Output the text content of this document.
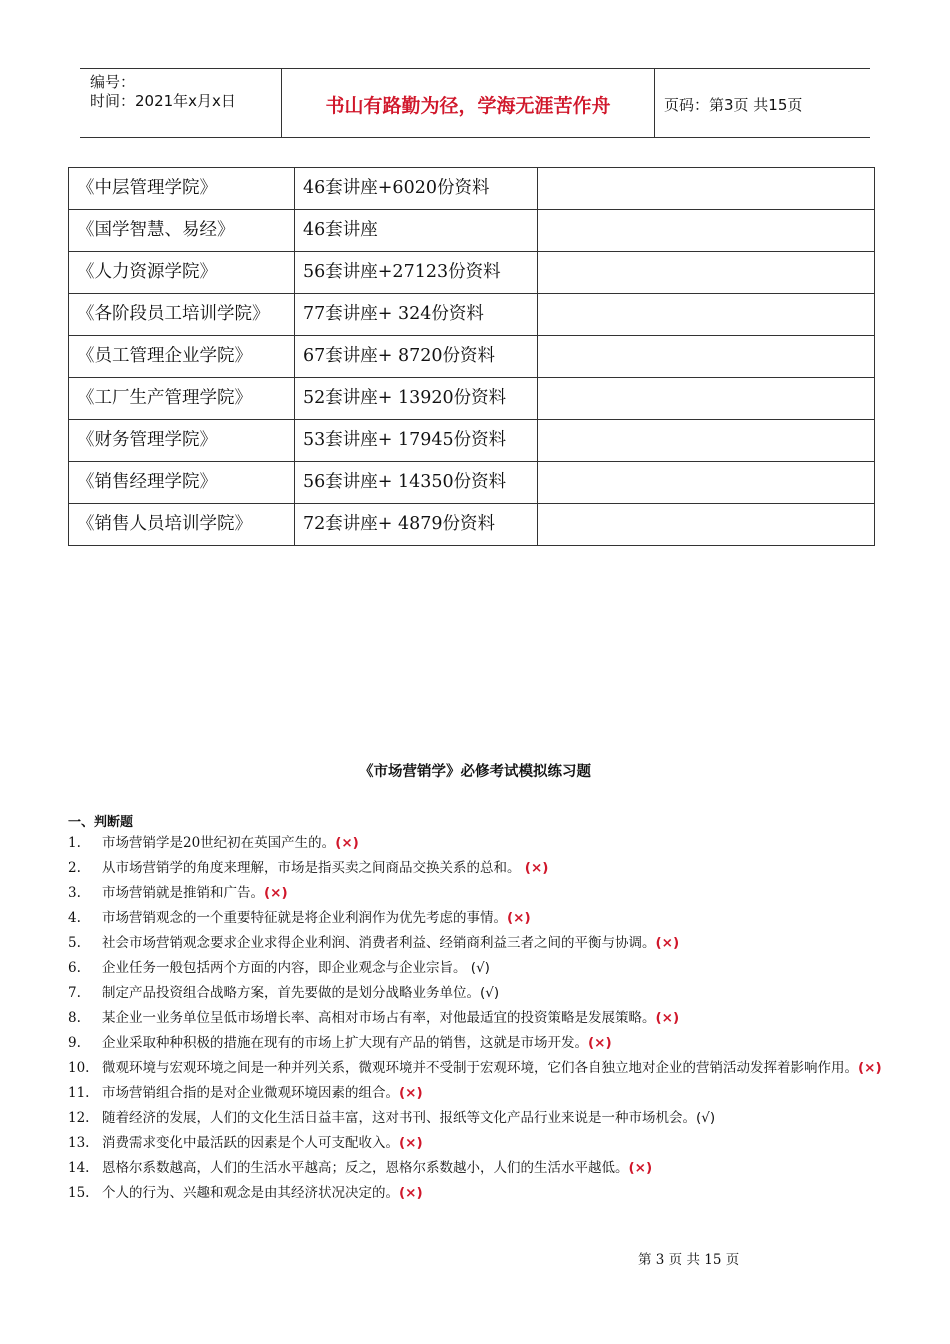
编号：
时间：2021年x月x日	书山有路勤为径，学海无涯苦作舟	页码：第3页 共15页
《中层管理学院》	46套讲座+6020份资料	
《国学智慧、易经》	46套讲座	
《人力资源学院》	56套讲座+27123份资料	
《各阶段员工培训学院》	77套讲座+ 324份资料	
《员工管理企业学院》	67套讲座+ 8720份资料	
《工厂生产管理学院》	52套讲座+ 13920份资料	
《财务管理学院》	53套讲座+ 17945份资料	
《销售经理学院》	56套讲座+ 14350份资料	
《销售人员培训学院》	72套讲座+ 4879份资料	
《市场营销学》必修考试模拟练习题
一、判断题
1. 市场营销学是20世纪初在英国产生的。(×)
2. 从市场营销学的角度来理解，市场是指买卖之间商品交换关系的总和。 (×)
3. 市场营销就是推销和广告。(×)
4. 市场营销观念的一个重要特征就是将企业利润作为优先考虑的事情。(×)
5. 社会市场营销观念要求企业求得企业利润、消费者利益、经销商利益三者之间的平衡与协调。(×)
6. 企业任务一般包括两个方面的内容，即企业观念与企业宗旨。 (√)
7. 制定产品投资组合战略方案，首先要做的是划分战略业务单位。(√)
8. 某企业一业务单位呈低市场增长率、高相对市场占有率，对他最适宜的投资策略是发展策略。(×)
9. 企业采取种种积极的措施在现有的市场上扩大现有产品的销售，这就是市场开发。(×)
10. 微观环境与宏观环境之间是一种并列关系，微观环境并不受制于宏观环境，它们各自独立地对企业的营销活动发挥着影响作用。(×)
11. 市场营销组合指的是对企业微观环境因素的组合。(×)
12. 随着经济的发展，人们的文化生活日益丰富，这对书刊、报纸等文化产品行业来说是一种市场机会。(√)
13. 消费需求变化中最活跃的因素是个人可支配收入。(×)
14. 恩格尔系数越高，人们的生活水平越高；反之，恩格尔系数越小，人们的生活水平越低。(×)
15. 个人的行为、兴趣和观念是由其经济状况决定的。(×)
第 3 页 共 15 页
